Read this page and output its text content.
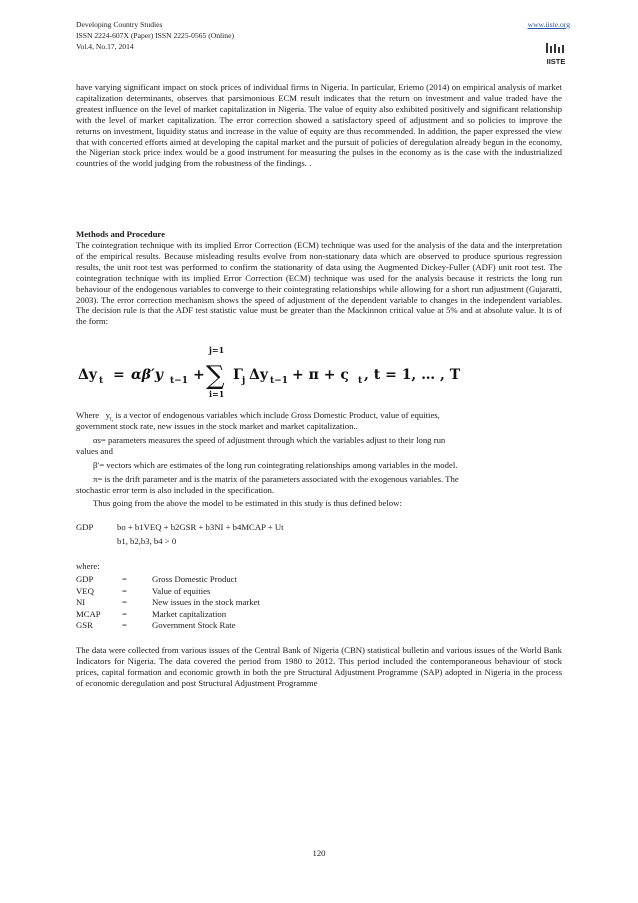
Developing Country Studies
ISSN 2224-607X (Paper) ISSN 2225-0565 (Online)
Vol.4, No.17, 2014
www.iiste.org
IISTE
have varying significant impact on stock prices of individual firms in Nigeria. In particular, Eriemo (2014) on empirical analysis of market capitalization determinants, observes that parsimonious ECM result indicates that the return on investment and value traded have the greatest influence on the level of market capitalization in Nigeria. The value of equity also exhibited positively and significant relationship with the level of market capitalization. The error correction showed a satisfactory speed of adjustment and so policies to improve the returns on investment, liquidity status and increase in the value of equity are thus recommended. In addition, the paper expressed the view that with concerted efforts aimed at developing the capital market and the pursuit of policies of deregulation already begun in the economy, the Nigerian stock price index would be a good instrument for measuring the pulses in the economy as is the case with the industrialized countries of the world judging from the robustness of the findings. .
Methods and Procedure
The cointegration technique with its implied Error Correction (ECM) technique was used for the analysis of the data and the interpretation of the empirical results. Because misleading results evolve from non-stationary data which are observed to produce spurious regression results, the unit root test was performed to confirm the stationarity of data using the Augmented Dickey-Fuller (ADF) unit root test. The cointegration technique with its implied Error Correction (ECM) technique was used for the analysis because it restricts the long run behaviour of the endogenous variables to converge to their cointegrating relationships while allowing for a short run adjustment (Gujaratti, 2003). The error correction mechanism shows the speed of adjustment of the dependent variable to changes in the independent variables. The decision rule is that the ADF test statistic value must be greater than the Mackinnon critical value at 5% and at absolute value. It is of the form:
Δy t = αβ′y t−1 +
j=1
∑
i=1
Γ j Δy t−1 + π + ς t , t = 1, … , T
Where $y_{t,}$ is a vector of endogenous variables which include Gross Domestic Product, value of equities,
government stock rate, new issues in the stock market and market capitalization..
αs= parameters measures the speed of adjustment through which the variables adjust to their long run
values and
β′= vectors which are estimates of the long run cointegrating relationships among variables in the model.
π= is the drift parameter and is the matrix of the parameters associated with the exogenous variables. The
stochastic error term is also included in the specification.
Thus going from the above the model to be estimated in this study is thus defined below:
GDP	bo + b1VEQ + b2GSR + b3NI + b4MCAP + Ut
b1, b2,b3, b4 > 0
where:
GDP	=	Gross Domestic Product
VEQ	=	Value of equities
NI	=	New issues in the stock market
MCAP =	Market capitalization
GSR	=	Government Stock Rate
The data were collected from various issues of the Central Bank of Nigeria (CBN) statistical bulletin and various issues of the World Bank Indicators for Nigeria. The data covered the period from 1980 to 2012. This period included the contemporaneous behaviour of stock prices, capital formation and economic growth in both the pre Structural Adjustment Programme (SAP) adopted in Nigeria in the process of economic deregulation and post Structural Adjustment Programme
120
